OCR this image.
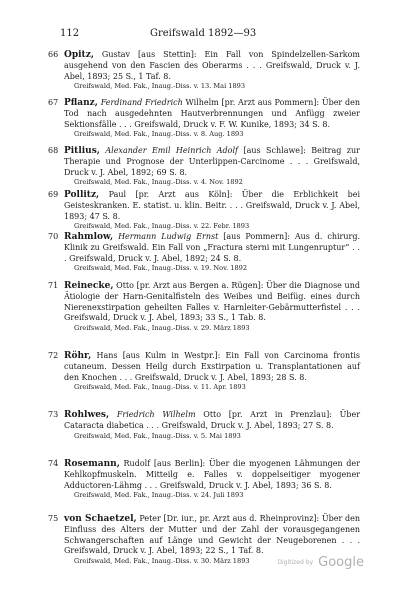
112	Greifswald 1892—93
66 Opitz, Gustav [aus Stettin]: Ein Fall von Spindelzellen-Sarkom ausgehend von den Fascien des Oberarms . . . Greifswald, Druck v. J. Abel, 1893; 25 S., 1 Taf. 8.
Greifswald, Med. Fak., Inaug.-Diss. v. 13. Mai 1893
67 Pflanz, Ferdinand Friedrich Wilhelm [pr. Arzt aus Pommern]: Über den Tod nach ausgedehnten Hautverbrennungen und Anfügg zweier Sektionsfälle . . . Greifswald, Druck v. F. W. Kunike, 1893; 34 S. 8.
Greifswald, Med. Fak., Inaug.-Diss. v. 8. Aug. 1893
68 Pitlius, Alexander Emil Heinrich Adolf [aus Schlawe]: Beitrag zur Therapie und Prognose der Unterlippen-Carcinome . . . Greifswald, Druck v. J. Abel, 1892; 69 S. 8.
Greifswald, Med. Fak., Inaug.-Diss. v. 4. Nov. 1892
69 Pollitz, Paul [pr. Arzt aus Köln]: Über die Erblichkeit bei Geisteskranken. E. statist. u. klin. Beitr. . . . Greifswald, Druck v. J. Abel, 1893; 47 S. 8.
Greifswald, Med. Fak., Inaug.-Diss. v. 22. Febr. 1893
70 Rahmlow, Hermann Ludwig Ernst [aus Pommern]: Aus d. chirurg. Klinik zu Greifswald. Ein Fall von „Fractura sterni mit Lungenruptur“ . . . Greifswald, Druck v. J. Abel, 1892; 24 S. 8.
Greifswald, Med. Fak., Inaug.-Diss. v. 19. Nov. 1892
71 Reinecke, Otto [pr. Arzt aus Bergen a. Rügen]: Über die Diagnose und Ätiologie der Harn-Genitalfisteln des Weibes und Beifüg. eines durch Nierenexstirpation geheilten Falles v. Harnleiter-Gebärmutterfistel . . . Greifswald, Druck v. J. Abel, 1893; 33 S., 1 Tab. 8.
Greifswald, Med. Fak., Inaug.-Diss. v. 29. März 1893
72 Röhr, Hans [aus Kulm in Westpr.]: Ein Fall von Carcinoma frontis cutaneum. Dessen Heilg durch Exstirpation u. Transplantationen auf den Knochen . . . Greifswald, Druck v. J. Abel, 1893; 28 S. 8.
Greifswald, Med. Fak., Inaug.-Diss. v. 11. Apr. 1893
73 Rohlwes, Friedrich Wilhelm Otto [pr. Arzt in Prenzlau]: Über Cataracta diabetica . . . Greifswald, Druck v. J. Abel, 1893; 27 S. 8.
Greifswald, Med. Fak., Inaug.-Diss. v. 5. Mai 1893
74 Rosemann, Rudolf [aus Berlin]: Über die myogenen Lähmungen der Kehlkopfmuskeln. Mitteilg e. Falles v. doppelseitiger myogener Adductoren-Lähmg . . . Greifswald, Druck v. J. Abel, 1893; 36 S. 8.
Greifswald, Med. Fak., Inaug.-Diss. v. 24. Juli 1893
75 von Schaetzel, Peter [Dr. iur., pr. Arzt aus d. Rheinprovinz]: Über den Einfluss des Alters der Mutter und der Zahl der vorausgegangenen Schwangerschaften auf Länge und Gewicht der Neugeborenen . . . Greifswald, Druck v. J. Abel, 1893; 22 S., 1 Taf. 8.
Greifswald, Med. Fak., Inaug.-Diss. v. 30. März 1893	Digitized by Google
